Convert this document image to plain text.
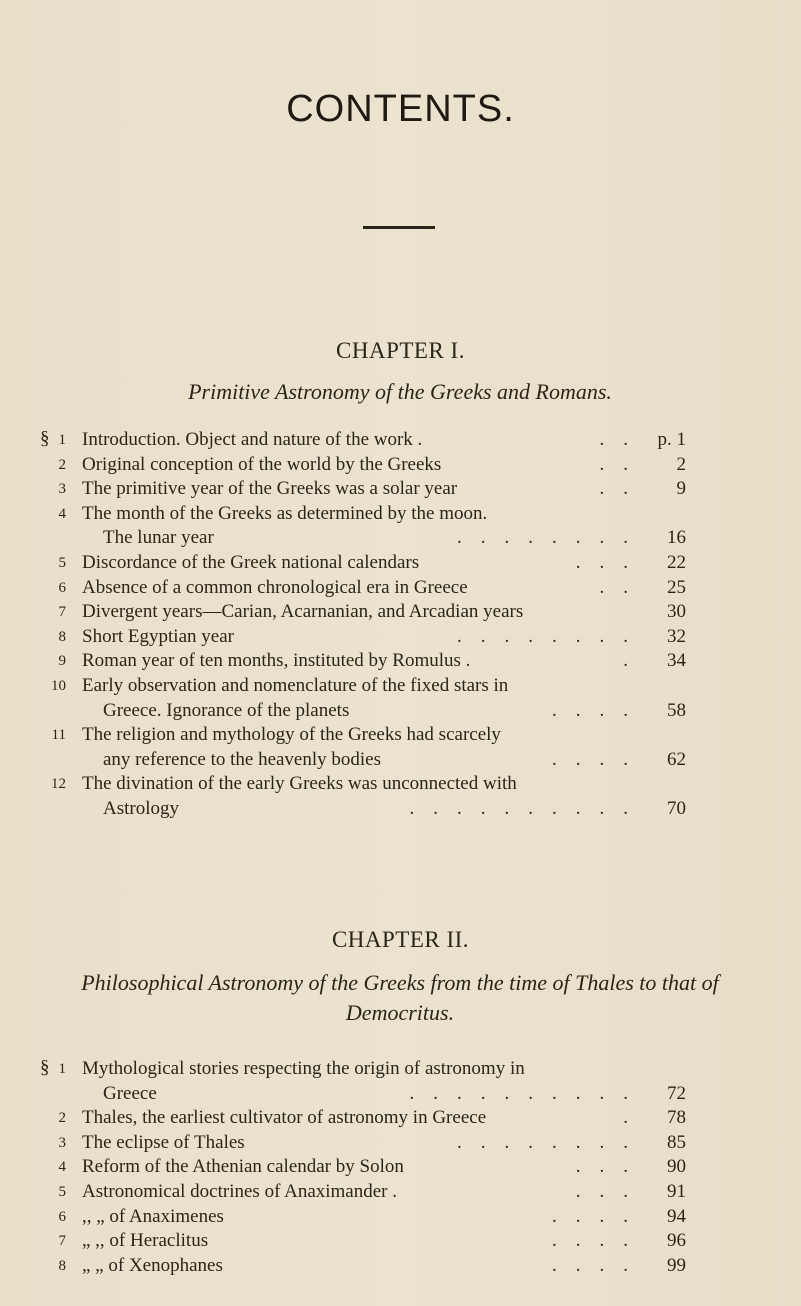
CONTENTS.
CHAPTER I.
Primitive Astronomy of the Greeks and Romans.
CHAPTER II.
Philosophical Astronomy of the Greeks from the time of Thales to that of Democritus.
§ 1 Introduction. Object and nature of the work .	.  .	p. 1
2 Original conception of the world by the Greeks	.  .	2
3 The primitive year of the Greeks was a solar year	.  .	9
4 The month of the Greeks as determined by the moon.
The lunar year	.  .  .  .  .  .  .  .	16
5 Discordance of the Greek national calendars	.  .  .	22
6 Absence of a common chronological era in Greece	.  .	25
7 Divergent years—Carian, Acarnanian, and Arcadian years	30
8 Short Egyptian year	.  .  .  .  .  .  .  .	32
9 Roman year of ten months, instituted by Romulus .	.	34
10 Early observation and nomenclature of the fixed stars in
Greece. Ignorance of the planets	.  .  .  .	58
11 The religion and mythology of the Greeks had scarcely
any reference to the heavenly bodies	.  .  .  .	62
12 The divination of the early Greeks was unconnected with
Astrology	.  .  .  .  .  .  .  .  .  .	70
§ 1 Mythological stories respecting the origin of astronomy in
Greece	.  .  .  .  .  .  .  .  .  .	72
2 Thales, the earliest cultivator of astronomy in Greece	.	78
3 The eclipse of Thales	.  .  .  .  .  .  .  .	85
4 Reform of the Athenian calendar by Solon	.  .  .	90
5 Astronomical doctrines of Anaximander .	.  .  .	91
6 ,, „ of Anaximenes	.  .  .  .	94
7 „ ,, of Heraclitus	.  .  .  .	96
8 „ „ of Xenophanes	.  .  .  .	99
